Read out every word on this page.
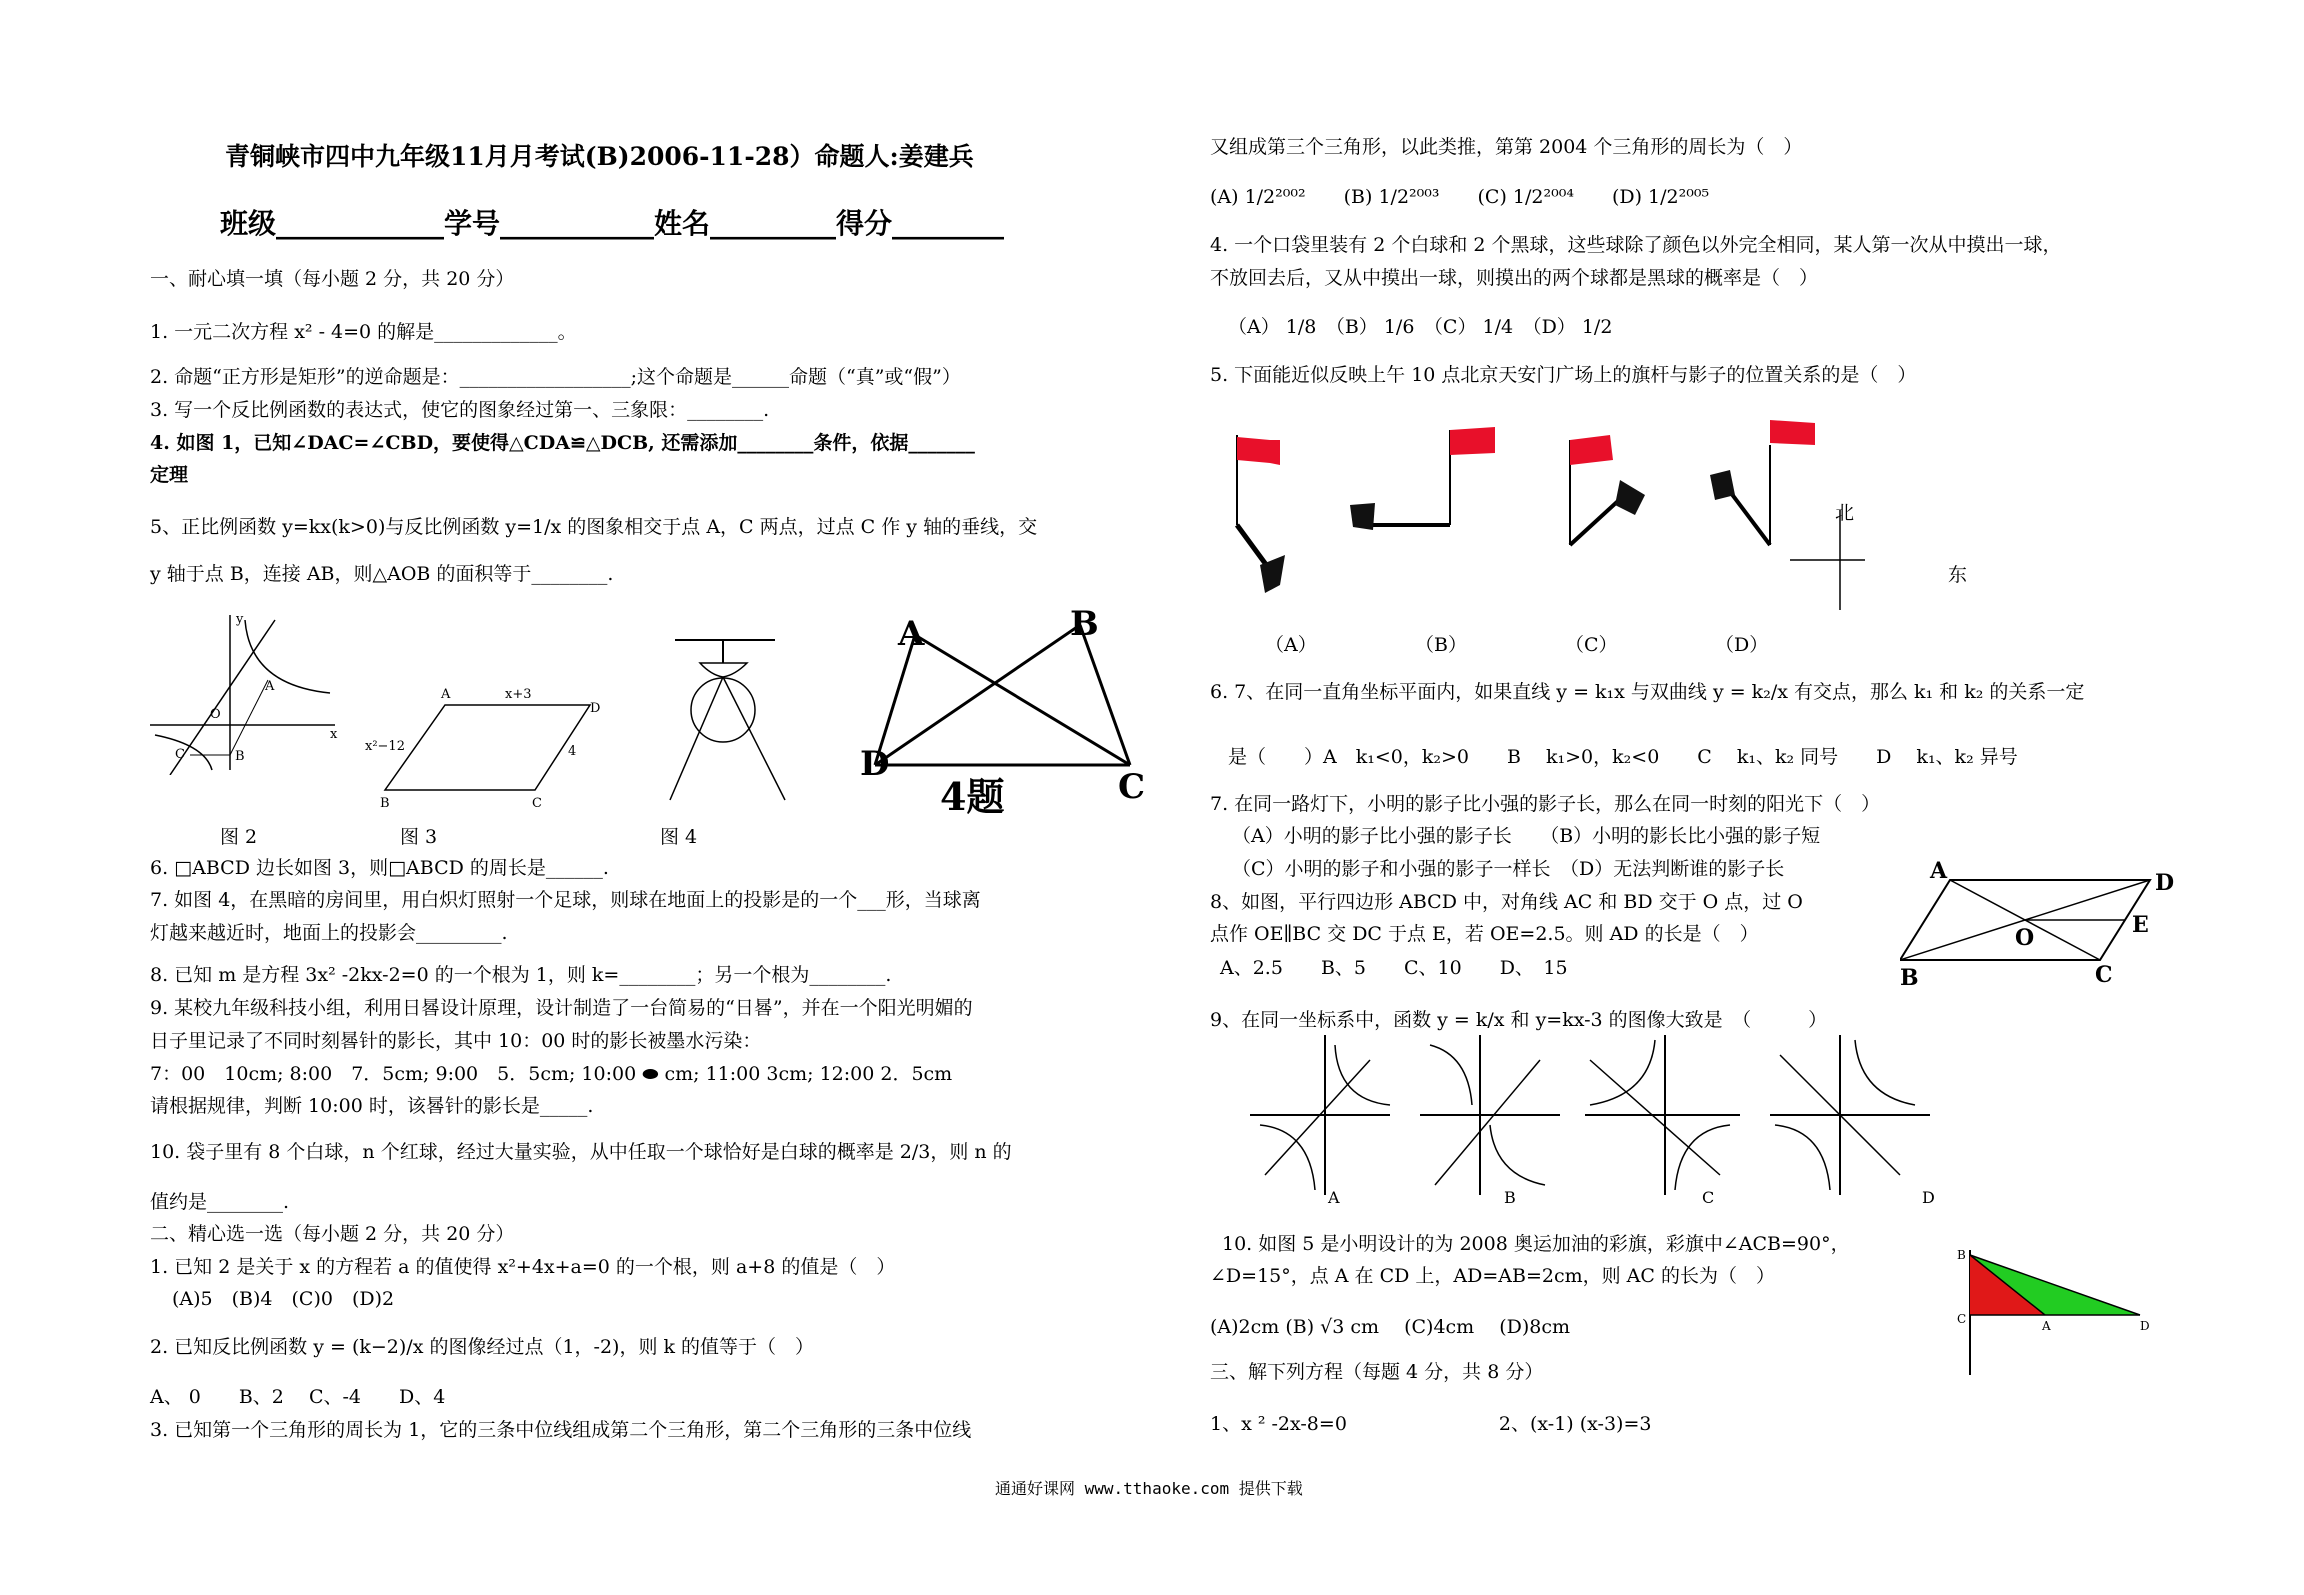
青铜峡市四中九年级11月月考试(B)2006-11-28）命题人:姜建兵
班级____________学号___________姓名_________得分________
一、耐心填一填（每小题 2 分，共 20 分）
1. 一元二次方程 x² - 4=0 的解是_____________。
2. 命题“正方形是矩形”的逆命题是：__________________;这个命题是______命题（“真”或“假”）
3. 写一个反比例函数的表达式，使它的图象经过第一、三象限：________.
4. 如图 1，已知∠DAC=∠CBD，要使得△CDA≌△DCB, 还需添加________条件，依据_______
定理
5、正比例函数 y=kx(k>0)与反比例函数 y=1/x 的图象相交于点 A，C 两点，过点 C 作 y 轴的垂线，交
y 轴于点 B，连接 AB，则△AOB 的面积等于________.
y
x
O
A
C	B
A	x+3
D
x²−12	4
B	C
图 2	图 3	图 4
A	B
D
C
4题
6. □ABCD 边长如图 3，则□ABCD 的周长是______.
7. 如图 4，在黑暗的房间里，用白炽灯照射一个足球，则球在地面上的投影是的一个___形，当球离
灯越来越近时，地面上的投影会_________.
8. 已知 m 是方程 3x² -2kx-2=0 的一个根为 1，则 k=________；另一个根为________.
9. 某校九年级科技小组，利用日晷设计原理，设计制造了一台简易的“日晷”，并在一个阳光明媚的
日子里记录了不同时刻晷针的影长，其中 10：00 时的影长被墨水污染：
7：00　10cm; 8:00　7．5cm; 9:00　5．5cm; 10:00 ⬬ cm; 11:00 3cm; 12:00 2．5cm
请根据规律，判断 10:00 时，该晷针的影长是_____.
10. 袋子里有 8 个白球，n 个红球，经过大量实验，从中任取一个球恰好是白球的概率是 2/3，则 n 的
值约是________.
二、精心选一选（每小题 2 分，共 20 分）
1. 已知 2 是关于 x 的方程若 a 的值使得 x²+4x+a=0 的一个根，则 a+8 的值是（　）
(A)5　(B)4　(C)0　(D)2
2. 已知反比例函数 y = (k−2)/x 的图像经过点（1，-2)，则 k 的值等于（　）
A、 0　　B、2　 C、-4　　D、4
3. 已知第一个三角形的周长为 1，它的三条中位线组成第二个三角形，第二个三角形的三条中位线
又组成第三个三角形，以此类推，第第 2004 个三角形的周长为（　）
(A) 1/2²⁰⁰²　　(B) 1/2²⁰⁰³　　(C) 1/2²⁰⁰⁴　　(D) 1/2²⁰⁰⁵
4. 一个口袋里装有 2 个白球和 2 个黑球，这些球除了颜色以外完全相同，某人第一次从中摸出一球，
不放回去后，又从中摸出一球，则摸出的两个球都是黑球的概率是（　）
（A） 1/8　（B） 1/6　（C） 1/4　（D） 1/2
5. 下面能近似反映上午 10 点北京天安门广场上的旗杆与影子的位置关系的是（　）
北
东
（A）	（B）	（C）	（D）
6. 7、在同一直角坐标平面内，如果直线 y = k₁x 与双曲线 y = k₂/x 有交点，那么 k₁ 和 k₂ 的关系一定
是（　　）A　k₁<0，k₂>0　　B　 k₁>0，k₂<0　　C　 k₁、k₂ 同号　　D　 k₁、k₂ 异号
7. 在同一路灯下，小明的影子比小强的影子长，那么在同一时刻的阳光下（　）
（A）小明的影子比小强的影子长　　（B）小明的影长比小强的影子短
（C）小明的影子和小强的影子一样长　（D）无法判断谁的影子长
8、如图，平行四边形 ABCD 中，对角线 AC 和 BD 交于 O 点，过 O
点作 OE∥BC 交 DC 于点 E，若 OE=2.5。则 AD 的长是（　）
A、2.5　　B、5　　C、10　　D、　15
A	D
O	E
B	C
9、在同一坐标系中，函数 y = k/x 和 y=kx-3 的图像大致是　（　　　）
A	B	C	D
10. 如图 5 是小明设计的为 2008 奥运加油的彩旗，彩旗中∠ACB=90°，
∠D=15°，点 A 在 CD 上，AD=AB=2cm，则 AC 的长为（　）
B
C	A	D
(A)2cm (B) √3 cm　 (C)4cm　 (D)8cm
三、解下列方程（每题 4 分，共 8 分）
1、x ² -2x-8=0　　　　　　　　2、(x-1) (x-3)=3
通通好课网 www.tthaoke.com 提供下载
